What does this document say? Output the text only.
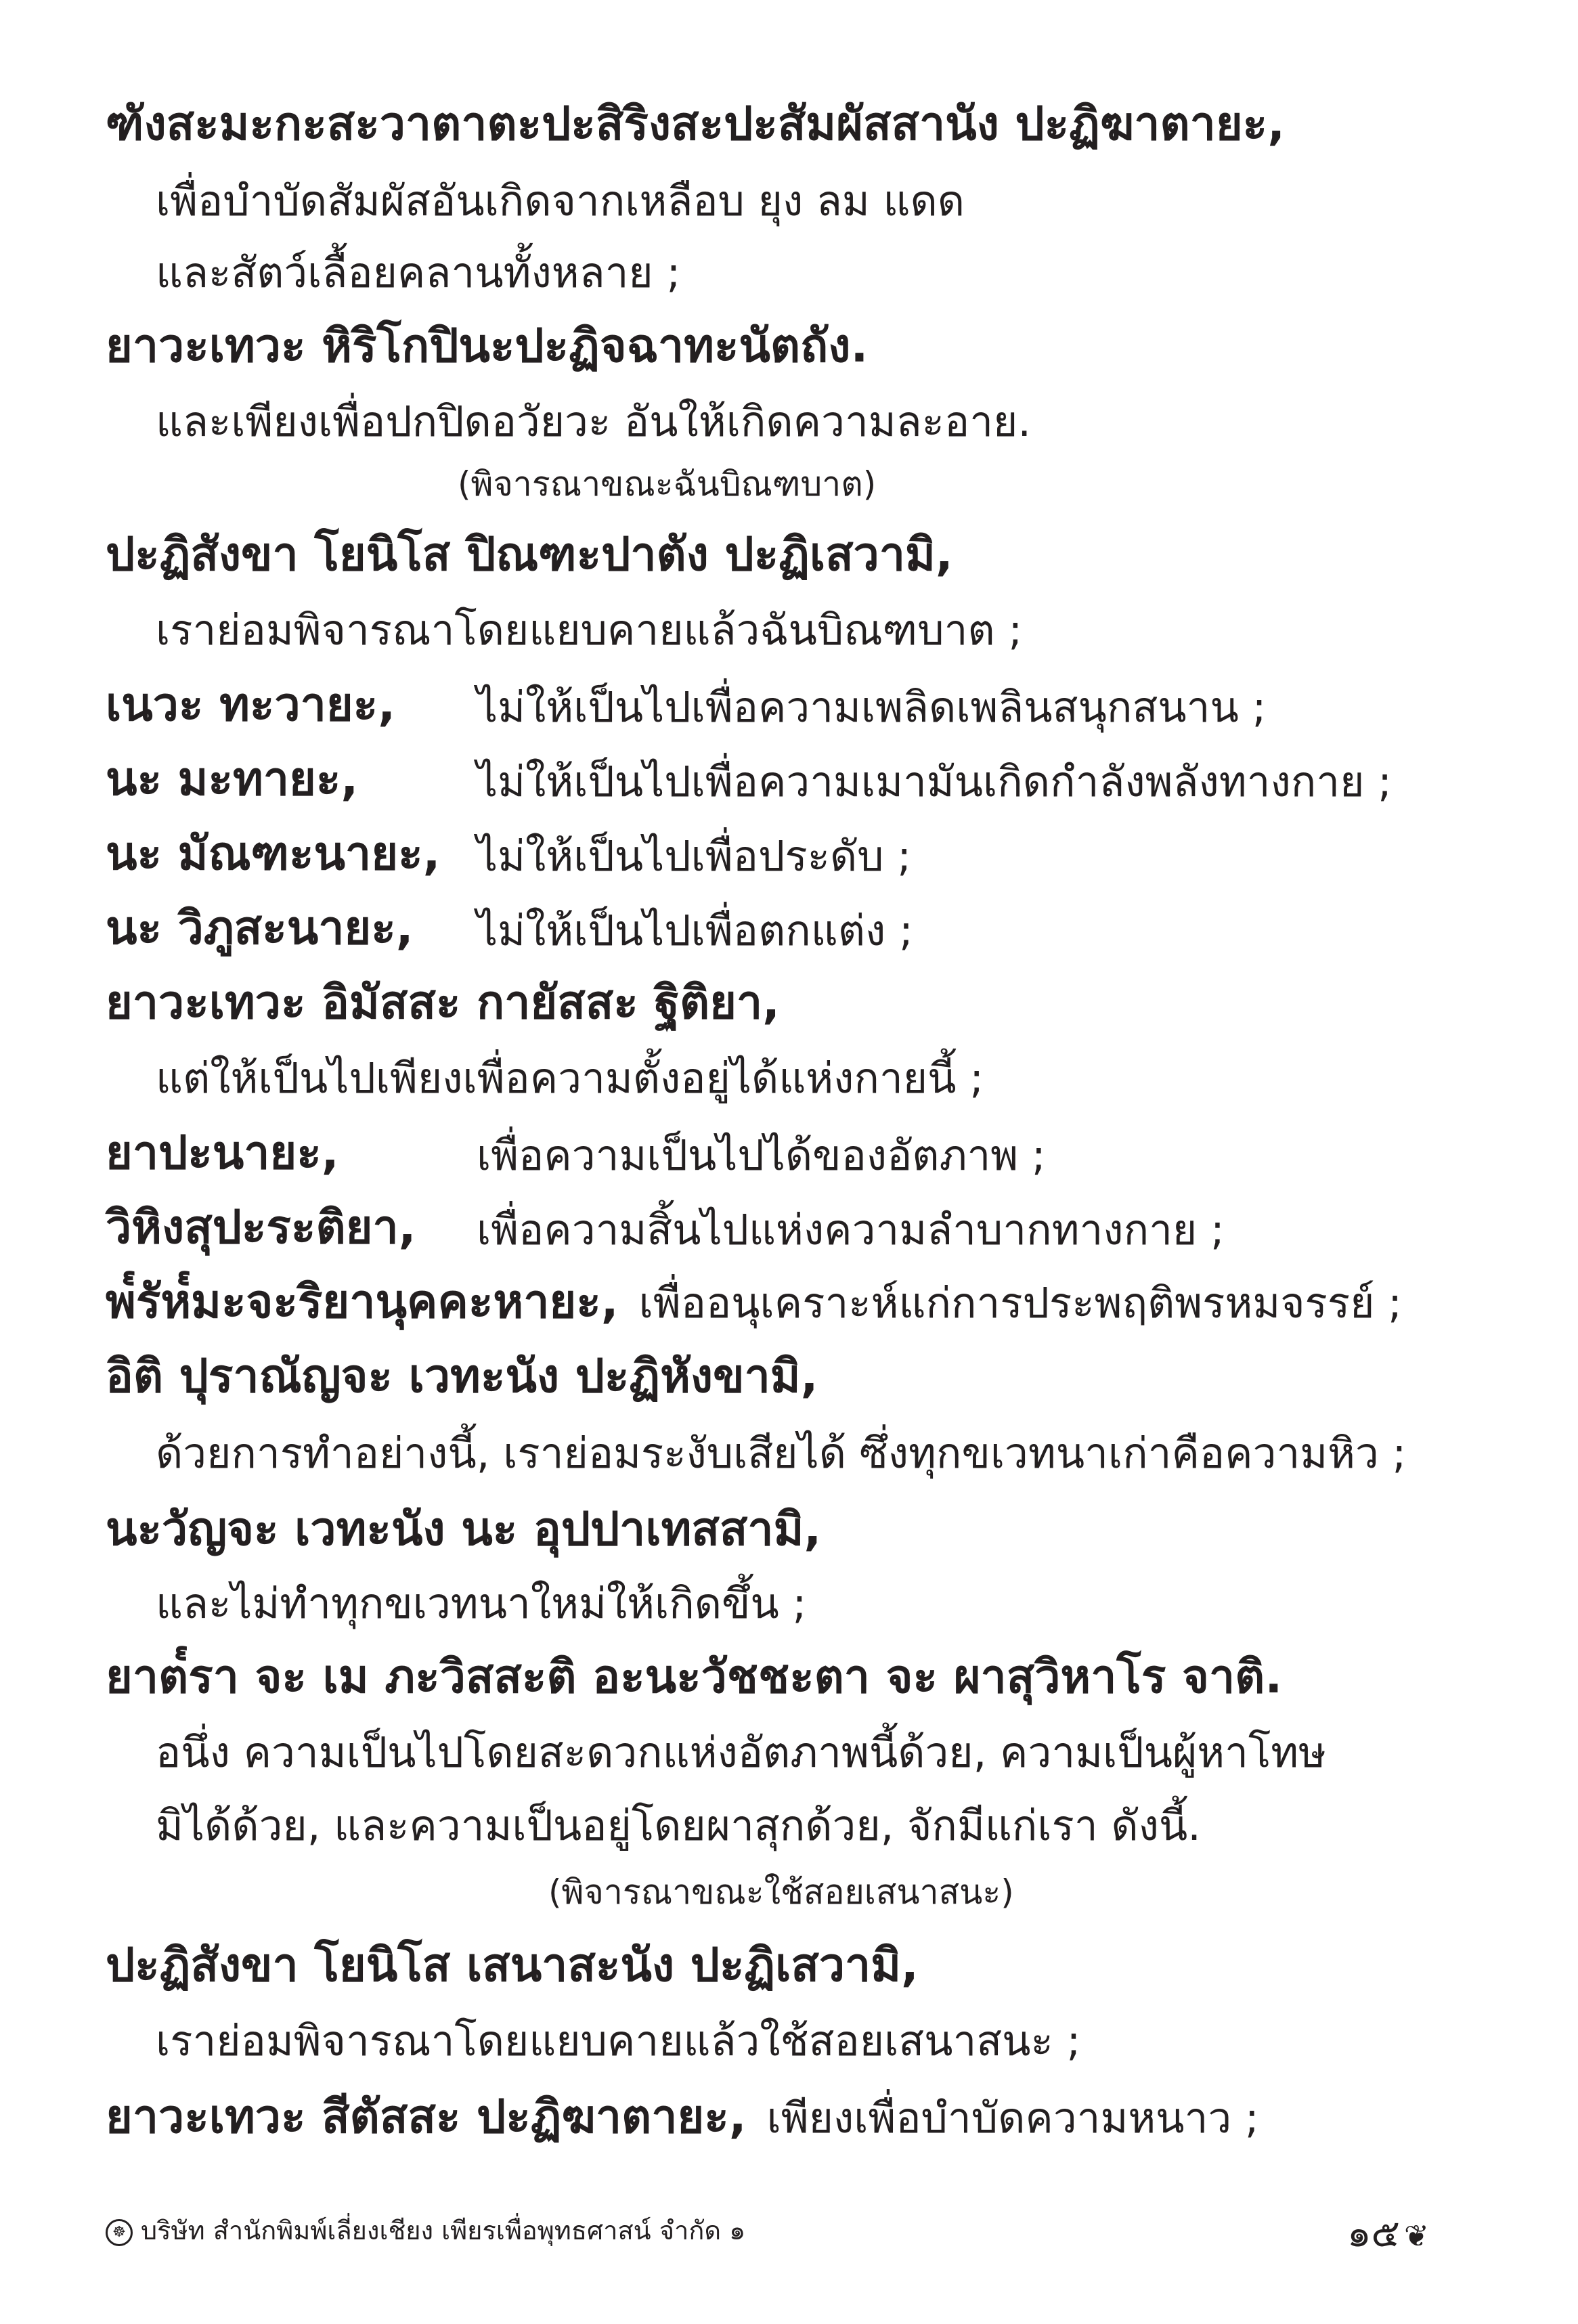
ฑังสะมะกะสะวาตาตะปะสิริงสะปะสัมผัสสานัง ปะฏิฆาตายะ,
เพื่อบำบัดสัมผัสอันเกิดจากเหลือบ ยุง ลม แดด
และสัตว์เลื้อยคลานทั้งหลาย ;
ยาวะเทวะ หิริโกปินะปะฏิจฉาทะนัตถัง.
และเพียงเพื่อปกปิดอวัยวะ อันให้เกิดความละอาย.
(พิจารณาขณะฉันบิณฑบาต)
ปะฏิสังขา โยนิโส ปิณฑะปาตัง ปะฏิเสวามิ,
เราย่อมพิจารณาโดยแยบคายแล้วฉันบิณฑบาต ;
เนวะ ทะวายะ, ไม่ให้เป็นไปเพื่อความเพลิดเพลินสนุกสนาน ;
นะ มะทายะ,	ไม่ให้เป็นไปเพื่อความเมามันเกิดกำลังพลังทางกาย ;
นะ มัณฑะนายะ, ไม่ให้เป็นไปเพื่อประดับ ;
นะ วิภูสะนายะ, ไม่ให้เป็นไปเพื่อตกแต่ง ;
ยาวะเทวะ อิมัสสะ กายัสสะ ฐิติยา,
แต่ให้เป็นไปเพียงเพื่อความตั้งอยู่ได้แห่งกายนี้ ;
ยาปะนายะ,	เพื่อความเป็นไปได้ของอัตภาพ ;
วิหิงสุปะระติยา, เพื่อความสิ้นไปแห่งความลำบากทางกาย ;
พ๎รัห๎มะจะริยานุคคะหายะ, เพื่ออนุเคราะห์แก่การประพฤติพรหมจรรย์ ;
อิติ ปุราณัญจะ เวทะนัง ปะฏิหังขามิ,
ด้วยการทำอย่างนี้, เราย่อมระงับเสียได้ ซึ่งทุกขเวทนาเก่าคือความหิว ;
นะวัญจะ เวทะนัง นะ อุปปาเทสสามิ,
และไม่ทำทุกขเวทนาใหม่ให้เกิดขึ้น ;
ยาต๎รา จะ เม ภะวิสสะติ อะนะวัชชะตา จะ ผาสุวิหาโร จาติ.
อนึ่ง ความเป็นไปโดยสะดวกแห่งอัตภาพนี้ด้วย, ความเป็นผู้หาโทษ
มิได้ด้วย, และความเป็นอยู่โดยผาสุกด้วย, จักมีแก่เรา ดังนี้.
(พิจารณาขณะใช้สอยเสนาสนะ)
ปะฏิสังขา โยนิโส เสนาสะนัง ปะฏิเสวามิ,
เราย่อมพิจารณาโดยแยบคายแล้วใช้สอยเสนาสนะ ;
ยาวะเทวะ สีตัสสะ ปะฏิฆาตายะ, เพียงเพื่อบำบัดความหนาว ;
☸ บริษัท สำนักพิมพ์เลี่ยงเชียง เพียรเพื่อพุทธศาสน์ จำกัด ๑	๑๕ ❦
